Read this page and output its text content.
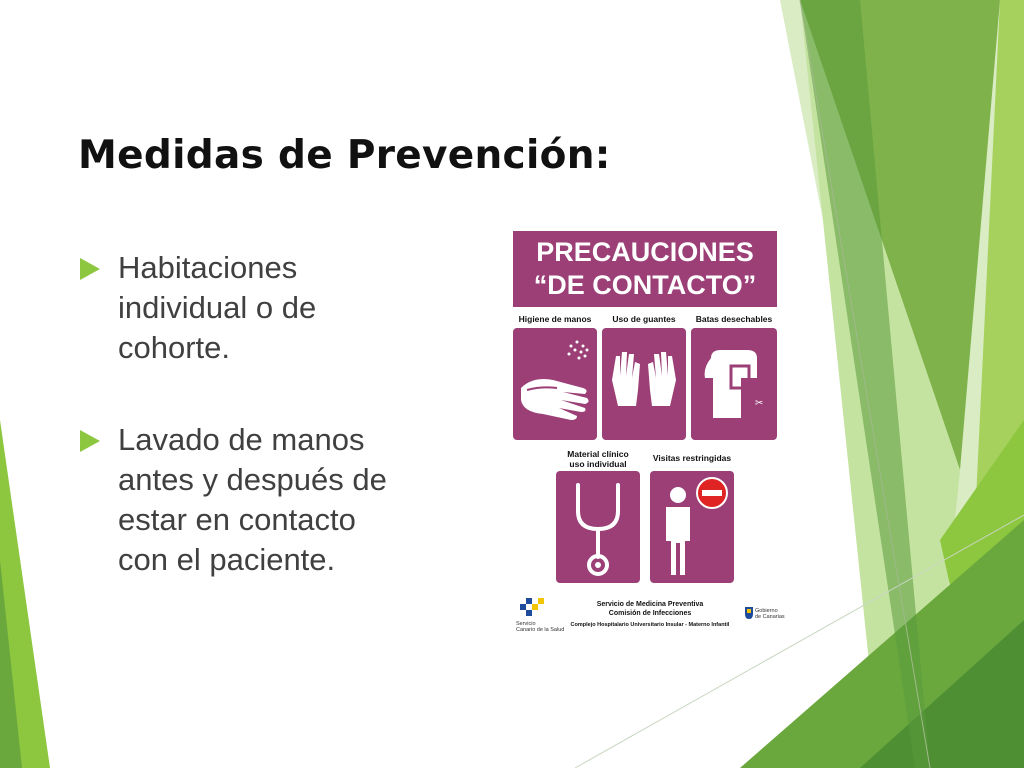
Medidas de Prevención:
Habitaciones individual o de cohorte.
Lavado de manos antes y después de estar en contacto con el paciente.
PRECAUCIONES
“DE CONTACTO”
Higiene de manos	Uso de guantes	Batas desechables
✂
Material clínico
uso individual
Visitas restringidas
Servicio de Medicina Preventiva
Comisión de Infecciones
Complejo Hospitalario Universitario Insular - Materno Infantil
Servicio
Canario de la Salud
Gobierno
de Canarias
